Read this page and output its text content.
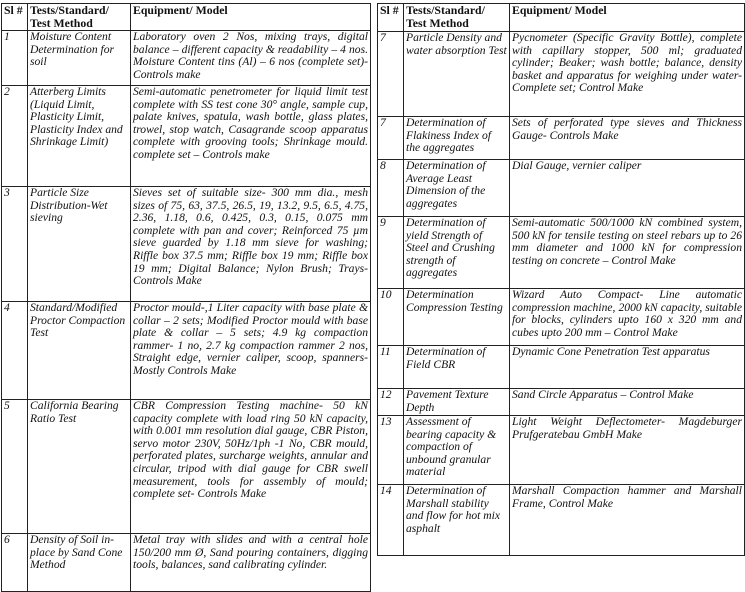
Sl #	Tests/Standard/ Test Method	Equipment/ Model
1	Moisture Content Determination for soil	Laboratory oven 2 Nos, mixing trays, digital balance – different capacity & readability – 4 nos. Moisture Content tins (Al) – 6 nos (complete set)- Controls make
2	Atterberg Limits (Liquid Limit, Plasticity Limit, Plasticity Index and Shrinkage Limit)	Semi-automatic penetrometer for liquid limit test complete with SS test cone 30° angle, sample cup, palate knives, spatula, wash bottle, glass plates, trowel, stop watch, Casagrande scoop apparatus complete with grooving tools; Shrinkage mould. complete set – Controls make
3	Particle Size Distribution-Wet sieving	Sieves set of suitable size- 300 mm dia., mesh sizes of 75, 63, 37.5, 26.5, 19, 13.2, 9.5, 6.5, 4.75, 2.36, 1.18, 0.6, 0.425, 0.3, 0.15, 0.075 mm complete with pan and cover; Reinforced 75 µm sieve guarded by 1.18 mm sieve for washing; Riffle box 37.5 mm; Riffle box 19 mm; Riffle box 19 mm; Digital Balance; Nylon Brush; Trays- Controls Make
4	Standard/Modified Proctor Compaction Test	Proctor mould-,1 Liter capacity with base plate & collar – 2 sets; Modified Proctor mould with base plate & collar – 5 sets; 4.9 kg compaction rammer- 1 no, 2.7 kg compaction rammer 2 nos, Straight edge, vernier caliper, scoop, spanners- Mostly Controls Make
5	California Bearing Ratio Test	CBR Compression Testing machine- 50 kN capacity complete with load ring 50 kN capacity, with 0.001 mm resolution dial gauge, CBR Piston, servo motor 230V, 50Hz/1ph -1 No, CBR mould, perforated plates, surcharge weights, annular and circular, tripod with dial gauge for CBR swell measurement, tools for assembly of mould; complete set- Controls Make
6	Density of Soil in-place by Sand Cone Method	Metal tray with slides and with a central hole 150/200 mm Ø, Sand pouring containers, digging tools, balances, sand calibrating cylinder.
Sl #	Tests/Standard/ Test Method	Equipment/ Model
7	Particle Density and water absorption Test	Pycnometer (Specific Gravity Bottle), complete with capillary stopper, 500 ml; graduated cylinder; Beaker; wash bottle; balance, density basket and apparatus for weighing under water- Complete set; Control Make
7	Determination of Flakiness Index of the aggregates	Sets of perforated type sieves and Thickness Gauge- Controls Make
8	Determination of Average Least Dimension of the aggregates	Dial Gauge, vernier caliper
9	Determination of yield Strength of Steel and Crushing strength of aggregates	Semi-automatic 500/1000 kN combined system, 500 kN for tensile testing on steel rebars up to 26 mm diameter and 1000 kN for compression testing on concrete – Control Make
10	Determination Compression Testing	Wizard Auto Compact- Line automatic compression machine, 2000 kN capacity, suitable for blocks, cylinders upto 160 x 320 mm and cubes upto 200 mm – Control Make
11	Determination of Field CBR	Dynamic Cone Penetration Test apparatus
12	Pavement Texture Depth	Sand Circle Apparatus – Control Make
13	Assessment of bearing capacity & compaction of unbound granular material	Light Weight Deflectometer- Magdeburger Prufgeratebau GmbH Make
14	Determination of Marshall stability and flow for hot mix asphalt	Marshall Compaction hammer and Marshall Frame, Control Make
